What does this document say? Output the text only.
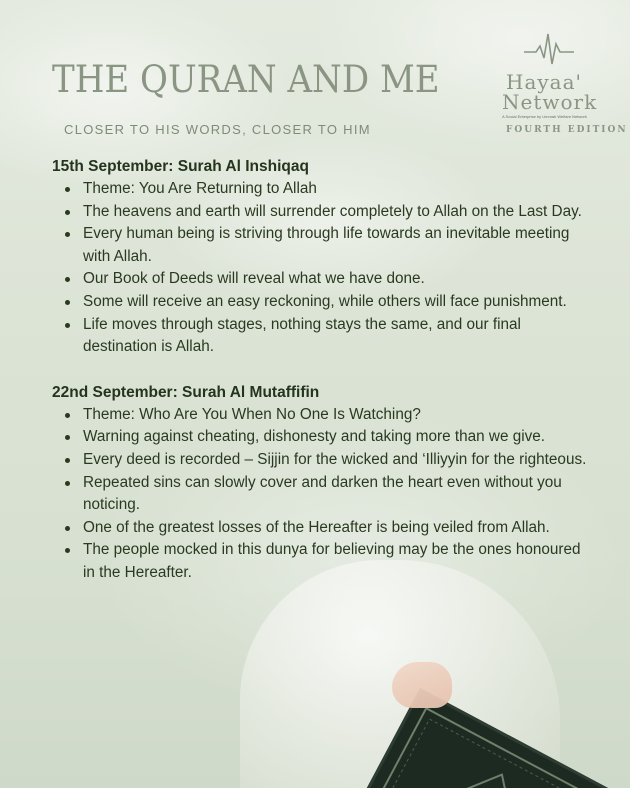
THE QURAN AND ME

CLOSER TO HIS WORDS, CLOSER TO HIM

Hayaa'
Network
A Social Enterprise by Ummah Welfare Network
FOURTH EDITION
15th September: Surah Al Inshiqaq
Theme: You Are Returning to Allah
The heavens and earth will surrender completely to Allah on the Last Day.
Every human being is striving through life towards an inevitable meeting with Allah.
Our Book of Deeds will reveal what we have done.
Some will receive an easy reckoning, while others will face punishment.
Life moves through stages, nothing stays the same, and our final destination is Allah.
22nd September: Surah Al Mutaffifin
Theme: Who Are You When No One Is Watching?
Warning against cheating, dishonesty and taking more than we give.
Every deed is recorded – Sijjin for the wicked and ‘Illiyyin for the righteous.
Repeated sins can slowly cover and darken the heart even without you noticing.
One of the greatest losses of the Hereafter is being veiled from Allah.
The people mocked in this dunya for believing may be the ones honoured in the Hereafter.
